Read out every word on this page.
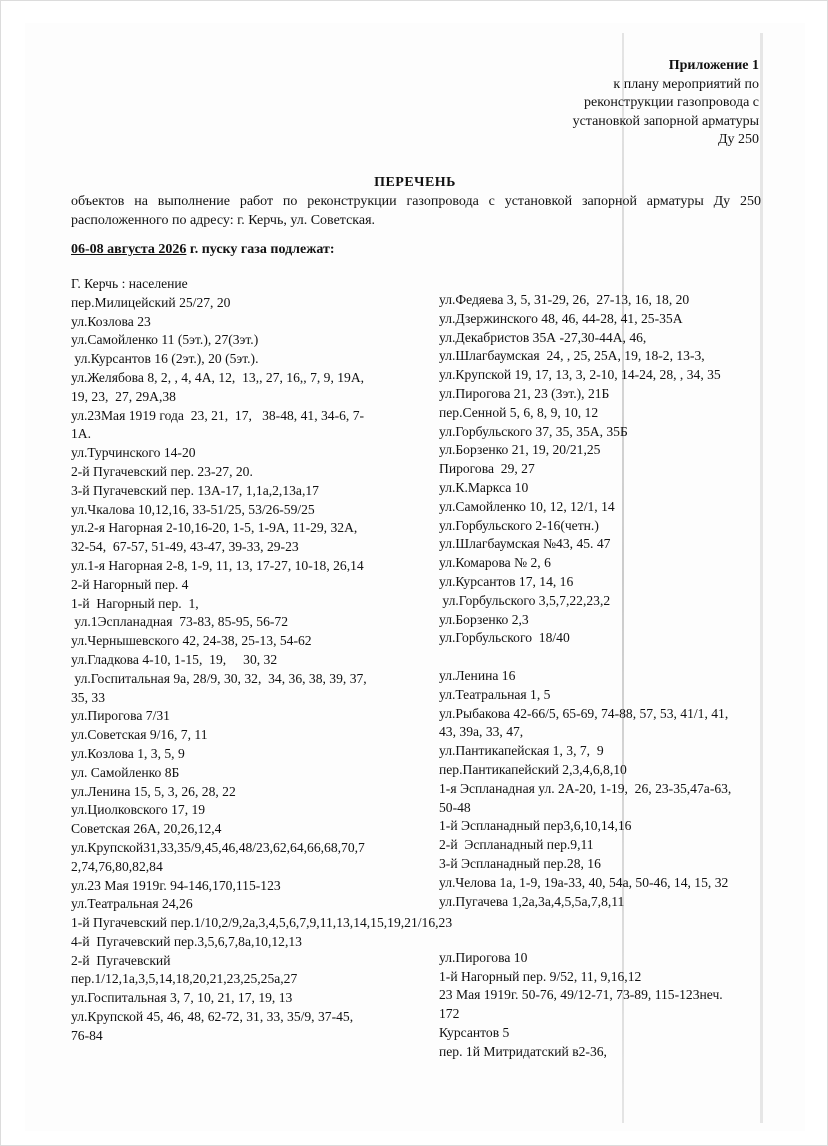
Приложение 1
к плану мероприятий по
реконструкции газопровода с
установкой запорной арматуры
Ду 250
ПЕРЕЧЕНЬ
объектов на выполнение работ по реконструкции газопровода с установкой запорной арматуры Ду 250 расположенного по адресу: г. Керчь, ул. Советская.
06-08 августа 2026 г. пуску газа подлежат:
Г. Керчь : население
пер.Милицейский 25/27, 20
ул.Козлова 23
ул.Самойленко 11 (5эт.), 27(3эт.)
ул.Курсантов 16 (2эт.), 20 (5эт.).
ул.Желябова 8, 2, , 4, 4А, 12,  13,, 27, 16,, 7, 9, 19А,
19, 23,  27, 29А,38
ул.23Мая 1919 года  23, 21,  17,   38-48, 41, 34-6, 7-
1А.
ул.Турчинского 14-20
2-й Пугачевский пер. 23-27, 20.
3-й Пугачевский пер. 13А-17, 1,1а,2,13а,17
ул.Чкалова 10,12,16, 33-51/25, 53/26-59/25
ул.2-я Нагорная 2-10,16-20, 1-5, 1-9А, 11-29, 32А,
32-54,  67-57, 51-49, 43-47, 39-33, 29-23
ул.1-я Нагорная 2-8, 1-9, 11, 13, 17-27, 10-18, 26,14
2-й Нагорный пер. 4
1-й  Нагорный пер.  1,
ул.1Эспланадная  73-83, 85-95, 56-72
ул.Чернышевского 42, 24-38, 25-13, 54-62
ул.Гладкова 4-10, 1-15,  19,     30, 32
ул.Госпитальная 9а, 28/9, 30, 32,  34, 36, 38, 39, 37,
35, 33
ул.Пирогова 7/31
ул.Советская 9/16, 7, 11
ул.Козлова 1, 3, 5, 9
ул. Самойленко 8Б
ул.Ленина 15, 5, 3, 26, 28, 22
ул.Циолковского 17, 19
Советская 26А, 20,26,12,4
ул.Крупской31,33,35/9,45,46,48/23,62,64,66,68,70,7
2,74,76,80,82,84
ул.23 Мая 1919г. 94-146,170,115-123
ул.Театральная 24,26
1-й Пугачевский пер.1/10,2/9,2а,3,4,5,6,7,9,11,13,14,15,19,21/16,23
4-й  Пугачевский пер.3,5,6,7,8а,10,12,13
2-й  Пугачевский
пер.1/12,1а,3,5,14,18,20,21,23,25,25а,27
ул.Госпитальная 3, 7, 10, 21, 17, 19, 13
ул.Крупской 45, 46, 48, 62-72, 31, 33, 35/9, 37-45,
76-84
ул.Федяева 3, 5, 31-29, 26,  27-13, 16, 18, 20
ул.Дзержинского 48, 46, 44-28, 41, 25-35А
ул.Декабристов 35А -27,30-44А, 46,
ул.Шлагбаумская  24, , 25, 25А, 19, 18-2, 13-3,
ул.Крупской 19, 17, 13, 3, 2-10, 14-24, 28, , 34, 35
ул.Пирогова 21, 23 (3эт.), 21Б
пер.Сенной 5, 6, 8, 9, 10, 12
ул.Горбульского 37, 35, 35А, 35Б
ул.Борзенко 21, 19, 20/21,25
Пирогова  29, 27
ул.К.Маркса 10
ул.Самойленко 10, 12, 12/1, 14
ул.Горбульского 2-16(четн.)
ул.Шлагбаумская №43, 45. 47
ул.Комарова № 2, 6
ул.Курсантов 17, 14, 16
ул.Горбульского 3,5,7,22,23,2
ул.Борзенко 2,3
ул.Горбульского  18/40
ул.Ленина 16
ул.Театральная 1, 5
ул.Рыбакова 42-66/5, 65-69, 74-88, 57, 53, 41/1, 41,
43, 39а, 33, 47,
ул.Пантикапейская 1, 3, 7,  9
пер.Пантикапейский 2,3,4,6,8,10
1-я Эспланадная ул. 2А-20, 1-19,  26, 23-35,47а-63,
50-48
1-й Эспланадный пер3,6,10,14,16
2-й  Эспланадный пер.9,11
3-й Эспланадный пер.28, 16
ул.Челова 1а, 1-9, 19а-33, 40, 54а, 50-46, 14, 15, 32
ул.Пугачева 1,2а,3а,4,5,5а,7,8,11
ул.Пирогова 10
1-й Нагорный пер. 9/52, 11, 9,16,12
23 Мая 1919г. 50-76, 49/12-71, 73-89, 115-123неч.
172
Курсантов 5
пер. 1й Митридатский в2-36,
